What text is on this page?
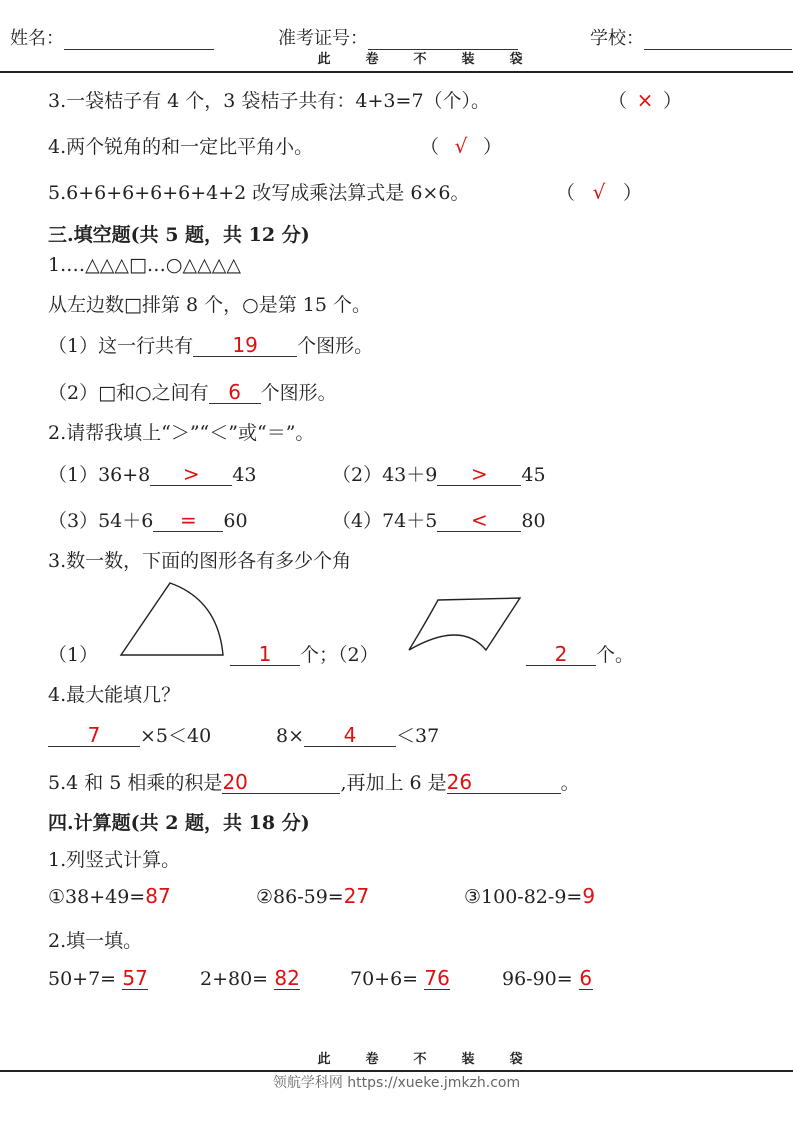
姓名：	准考证号：	学校：
此	卷	不	装	袋
3.一袋桔子有 4 个，3 袋桔子共有：4+3=7（个）。	（ × ）
4.两个锐角的和一定比平角小。	（ √ ）
5.6+6+6+6+6+4+2 改写成乘法算式是 6×6。	（ √ ）
三.填空题(共 5 题，共 12 分)
1.…△△△□…○△△△△
从左边数□排第 8 个，○是第 15 个。
（1）这一行共有 19 个图形。
（2）□和○之间有 6 个图形。
2.请帮我填上“＞”“＜”或“＝”。
（1）36+8 > 43	（2）43＋9 > 45
（3）54＋6 = 60	（4）74＋5 < 80
3.数一数，下面的图形各有多少个角
（1）	1 个；（2）	2 个。
4.最大能填几？
7 ×5＜40	8× 4 ＜37
5.4 和 5 相乘的积是20	,再加上 6 是26	。
四.计算题(共 2 题，共 18 分)
1.列竖式计算。
①38+49=87	②86-59=27	③100-82-9=9
2.填一填。
50+7= 57	2+80= 82	70+6= 76	96-90= 6
此	卷	不	装	袋
领航学科网 https://xueke.jmkzh.com
